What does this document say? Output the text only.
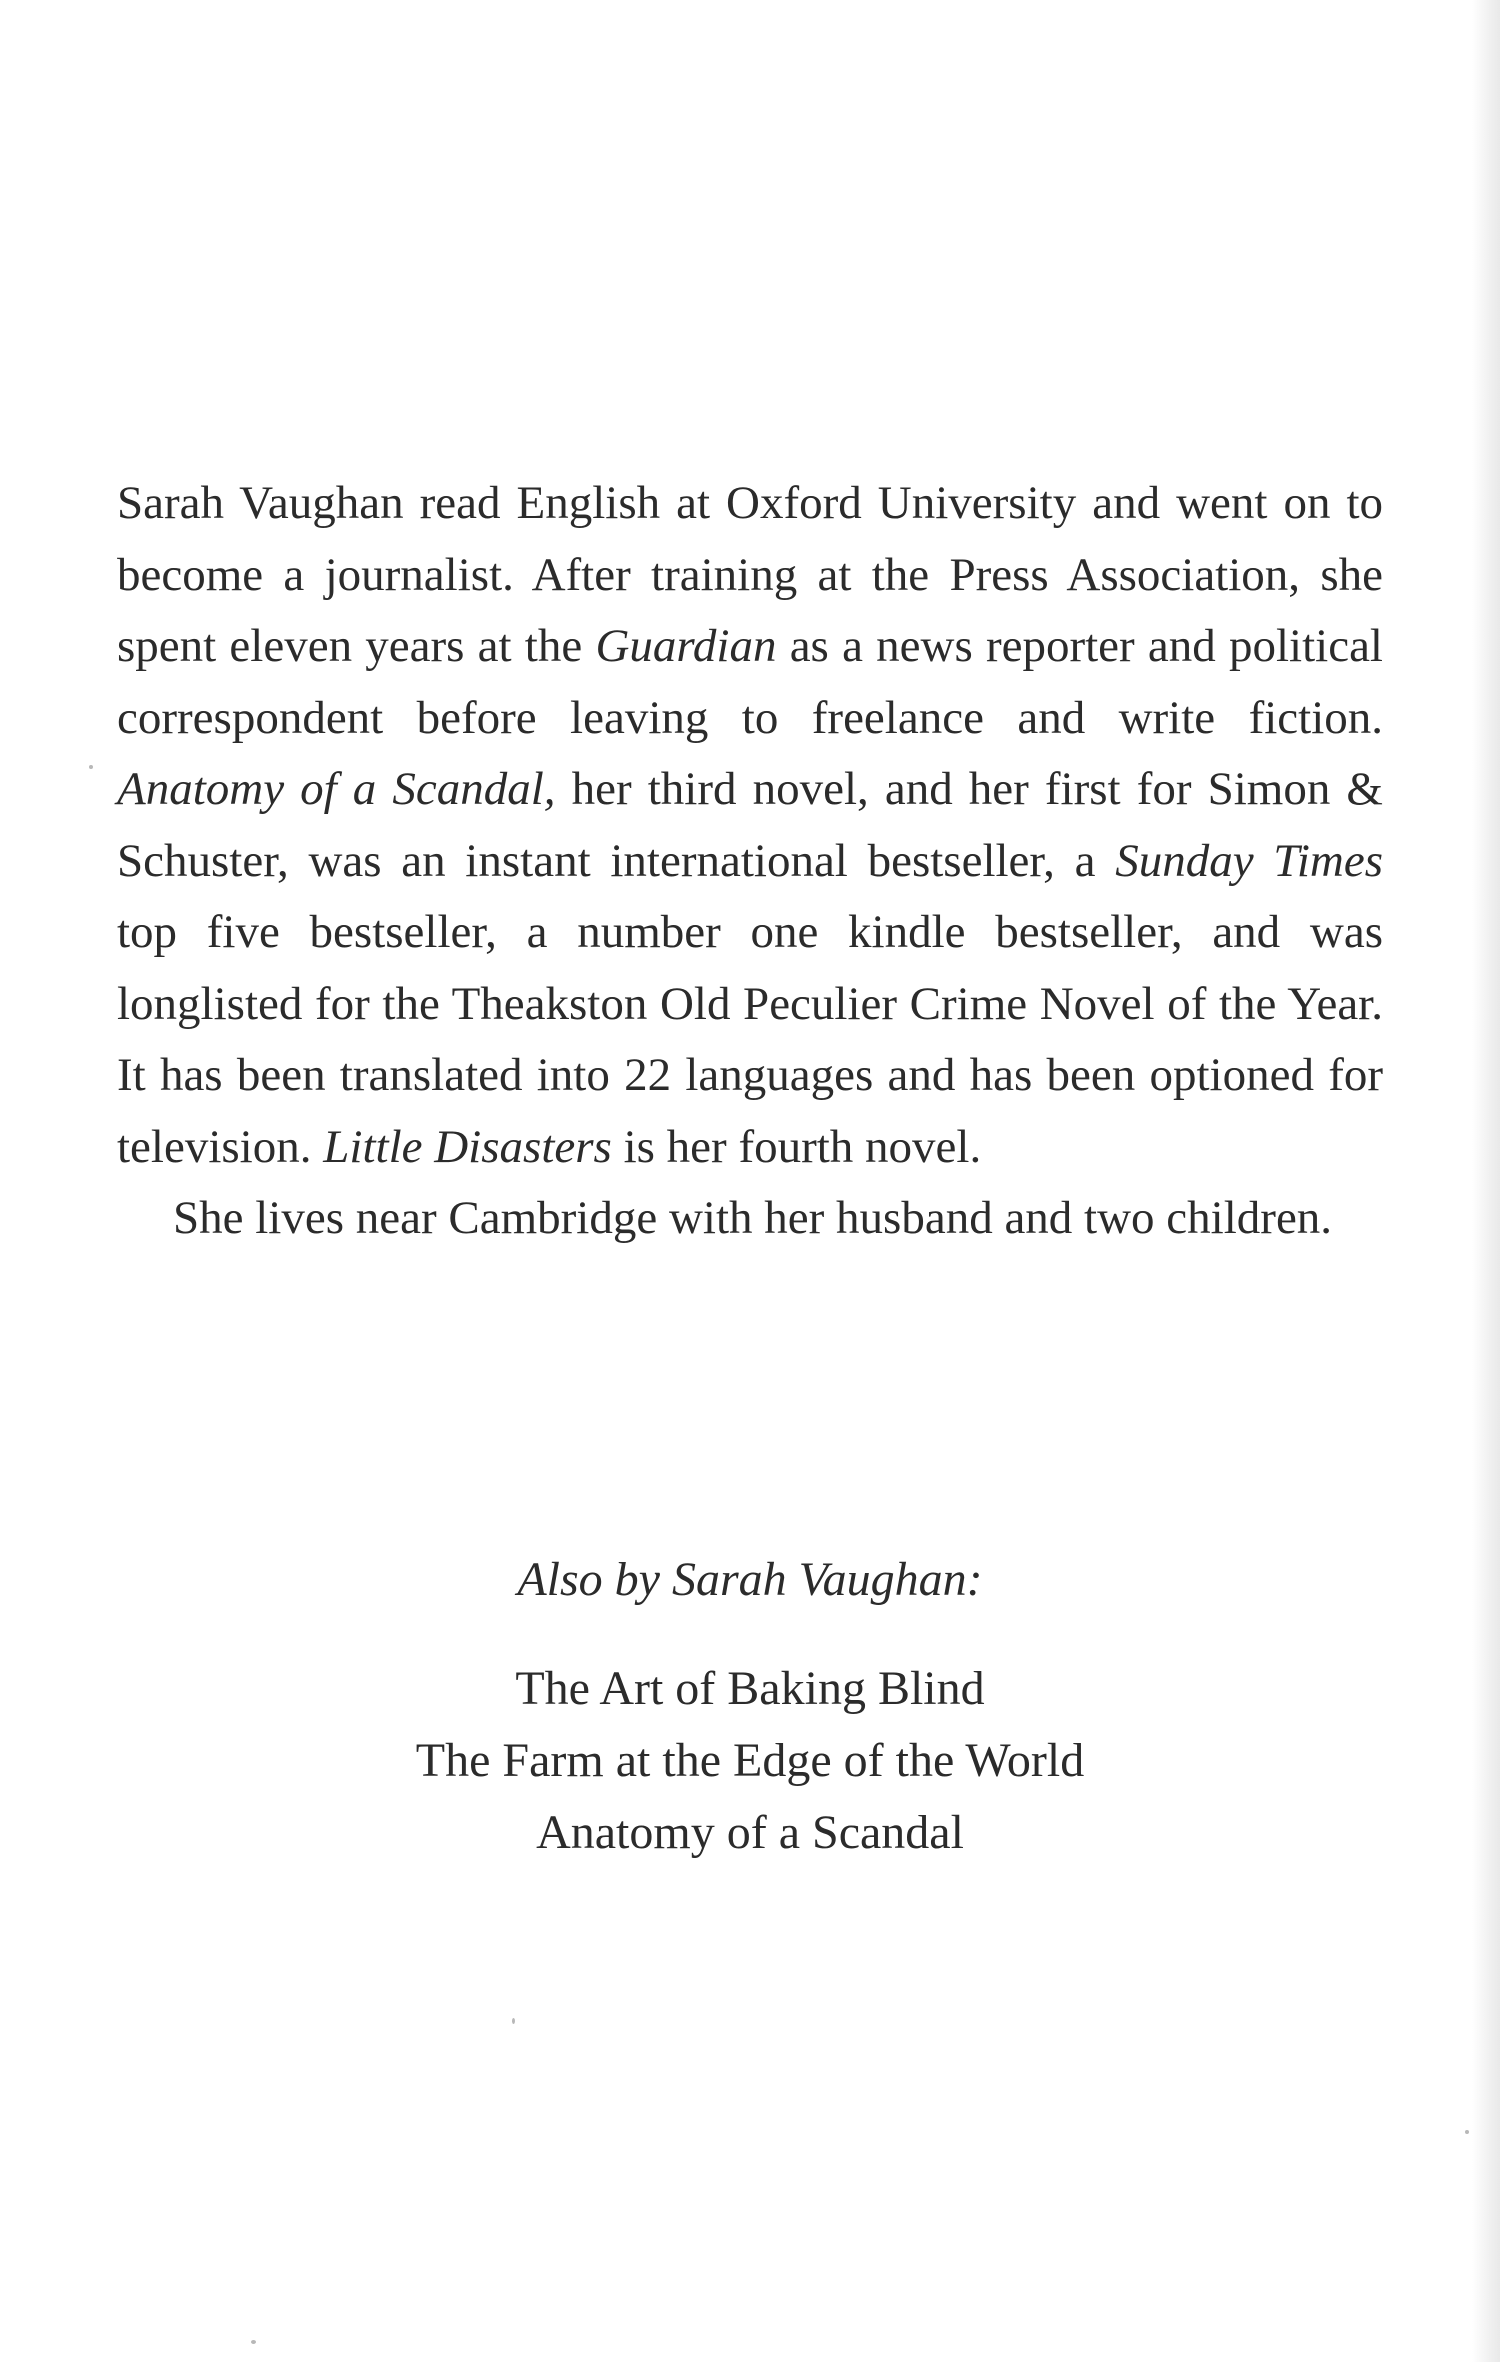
Sarah Vaughan read English at Oxford University and went on to become a journalist. After training at the Press Association, she spent eleven years at the Guardian as a news reporter and political correspondent before leaving to freelance and write fiction. Anatomy of a Scandal, her third novel, and her first for Simon & Schuster, was an instant international bestseller, a Sunday Times top five bestseller, a number one kindle bestseller, and was longlisted for the Theakston Old Peculier Crime Novel of the Year. It has been translated into 22 languages and has been optioned for television. Little Disasters is her fourth novel.

She lives near Cambridge with her husband and two children.

Also by Sarah Vaughan:

The Art of Baking Blind
The Farm at the Edge of the World
Anatomy of a Scandal
